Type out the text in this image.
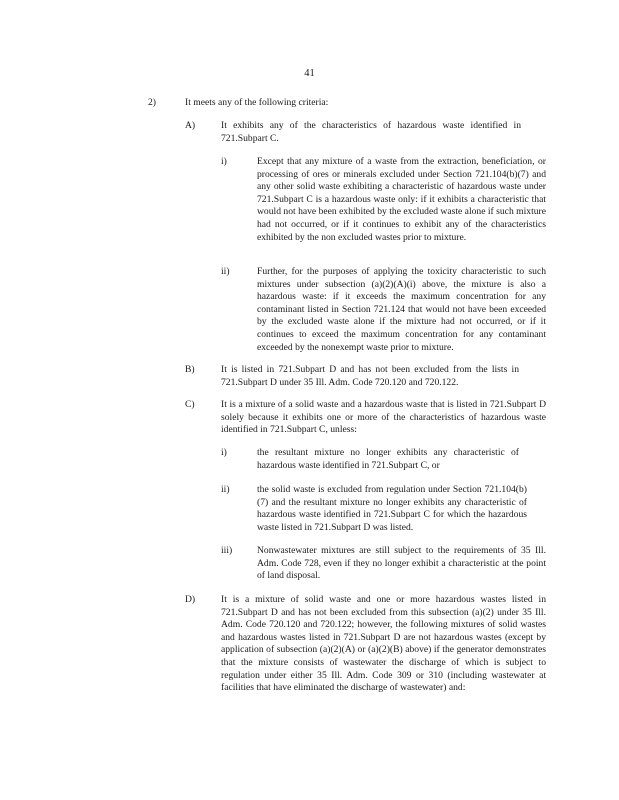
41
2)	It meets any of the following criteria:
A)	It exhibits any of the characteristics of hazardous waste identified in 721.Subpart C.

i)	Except that any mixture of a waste from the extraction, beneficiation, or processing of ores or minerals excluded under Section 721.104(b)(7) and any other solid waste exhibiting a characteristic of hazardous waste under 721.Subpart C is a hazardous waste only: if it exhibits a characteristic that would not have been exhibited by the excluded waste alone if such mixture had not occurred, or if it continues to exhibit any of the characteristics exhibited by the non excluded wastes prior to mixture.

ii)	Further, for the purposes of applying the toxicity characteristic to such mixtures under subsection (a)(2)(A)(i) above, the mixture is also a hazardous waste: if it exceeds the maximum concentration for any contaminant listed in Section 721.124 that would not have been exceeded by the excluded waste alone if the mixture had not occurred, or if it continues to exceed the maximum concentration for any contaminant exceeded by the nonexempt waste prior to mixture.

B)	It is listed in 721.Subpart D and has not been excluded from the lists in 721.Subpart D under 35 Ill. Adm. Code 720.120 and 720.122.

C)	It is a mixture of a solid waste and a hazardous waste that is listed in 721.Subpart D solely because it exhibits one or more of the characteristics of hazardous waste identified in 721.Subpart C, unless:

i)	the resultant mixture no longer exhibits any characteristic of hazardous waste identified in 721.Subpart C, or

ii)	the solid waste is excluded from regulation under Section 721.104(b)(7) and the resultant mixture no longer exhibits any characteristic of hazardous waste identified in 721.Subpart C for which the hazardous waste listed in 721.Subpart D was listed.

iii)	Nonwastewater mixtures are still subject to the requirements of 35 Ill. Adm. Code 728, even if they no longer exhibit a characteristic at the point of land disposal.

D)	It is a mixture of solid waste and one or more hazardous wastes listed in 721.Subpart D and has not been excluded from this subsection (a)(2) under 35 Ill. Adm. Code 720.120 and 720.122; however, the following mixtures of solid wastes and hazardous wastes listed in 721.Subpart D are not hazardous wastes (except by application of subsection (a)(2)(A) or (a)(2)(B) above) if the generator demonstrates that the mixture consists of wastewater the discharge of which is subject to regulation under either 35 Ill. Adm. Code 309 or 310 (including wastewater at facilities that have eliminated the discharge of wastewater) and:
